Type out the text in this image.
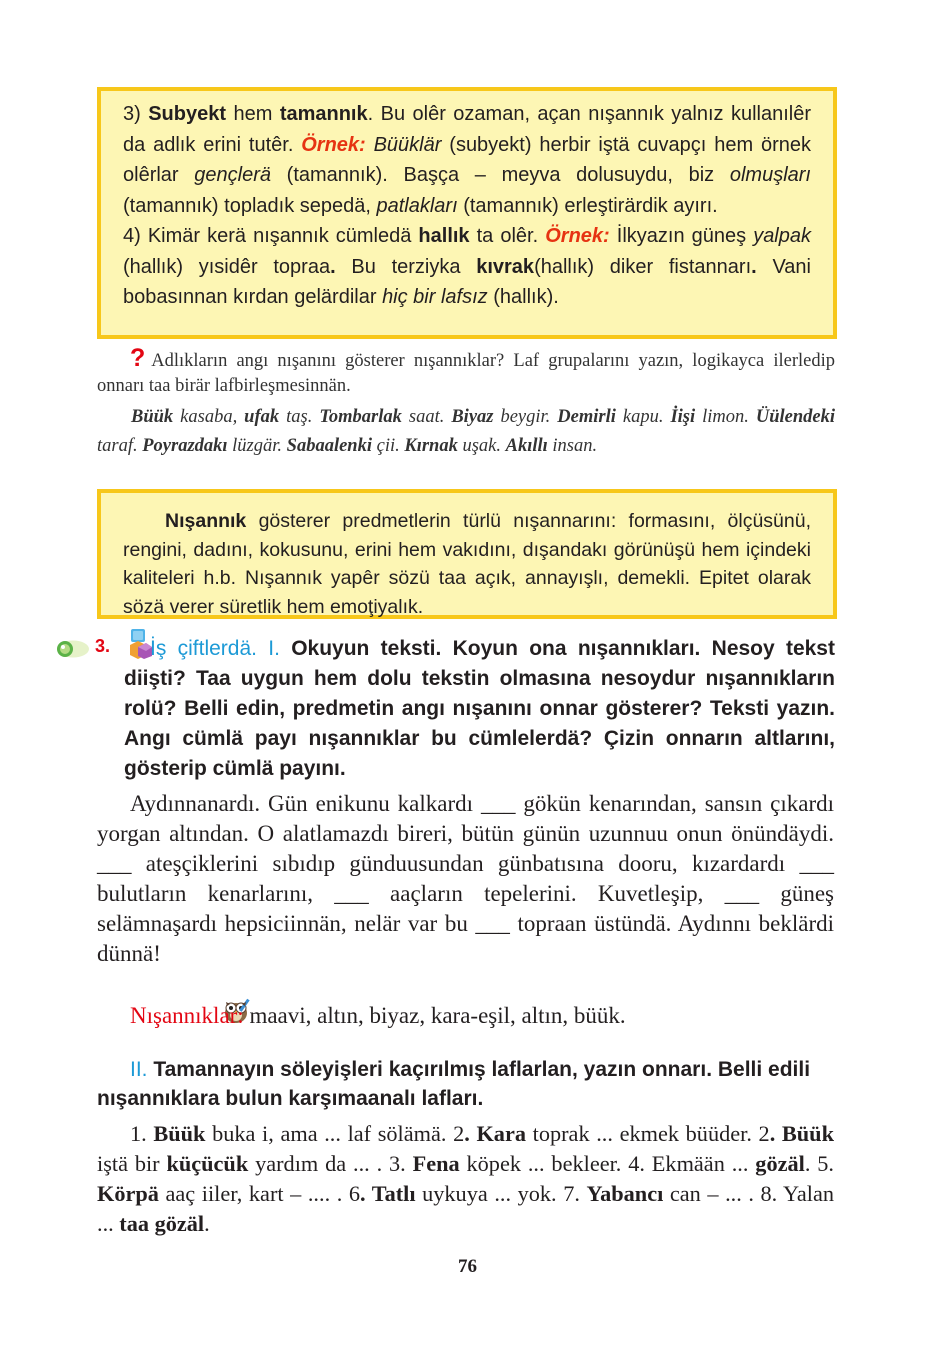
3) Subyekt hem tamannık. Bu olêr ozaman, açan nışannık yalnız kullanılêr da adlık erini tutêr. Örnek: Büüklär (subyekt) herbir iştä cuvapçı hem örnek olêrlar gençlerä (tamannık). Başça – meyva dolusuydu, biz olmuşları (tamannık) topladık sepedä, patlakları (tamannık) erleştirärdik ayırı.

4) Kimär kerä nışannık cümledä hallık ta olêr. Örnek: İlkyazın güneş yalpak (hallık) yısidêr topraa. Bu terziyka kıvrak(hallık) diker fistannarı. Vani bobasınnan kırdan gelärdilar hiç bir lafsız (hallık).

? Adlıkların angı nışanını gösterer nışannıklar? Laf grupalarını yazın, logikayca ilerledip onnarı taa birär lafbirleşmesinnän.
Büük kasaba, ufak taş. Tombarlak saat. Biyaz beygir. Demirli kapu. İişi limon. Üülendeki taraf. Poyrazdakı lüzgär. Sabaalenki çii. Kırnak uşak. Akıllı insan.
Nışannık gösterer predmetlerin türlü nışannarını: formasını, ölçüsünü, rengini, dadını, kokusunu, erini hem vakıdını, dışandakı görünüşü hem içindeki kaliteleri h.b. Nışannık yapêr sözü taa açık, annayışlı, demekli. Epitet olarak sözä verer süretlik hem emoţiyalık.
3.	İş çiftlerdä. I. Okuyun teksti. Koyun ona nışannıkları. Nesoy tekst diişti? Taa uygun hem dolu tekstin olmasına nesoydur nışannıkların rolü? Belli edin, predmetin angı nışanını onnar gösterer? Teksti yazın. Angı cümlä payı nışannıklar bu cümlelerdä? Çizin onnarın altlarını, gösterip cümlä payını.
Aydınnanardı. Gün enikunu kalkardı ___ gökün kenarından, sansın çıkardı yorgan altından. O alatlamazdı bireri, bütün günün uzunnuu onun önündäydi. ___ ateşçiklerini sıbıdıp günduusundan günbatısına dooru, kızardardı ___ bulutların kenarlarını, ___ aaçların tepelerini. Kuvetleşip, ___ güneş selämnaşardı hepsiciinnän, nelär var bu ___ topraan üstündä. Aydınnı beklärdi dünnä!
Nışannıklar: maavi, altın, biyaz, kara-eşil, altın, büük.
II. Tamannayın söleyişleri kaçırılmış laflarlan, yazın onnarı. Belli edili nışannıklara bulun karşımaanalı lafları.
1. Büük buka i, ama ... laf sölämä. 2. Kara toprak ... ekmek büüder. 2. Büük iştä bir küçücük yardım da ... . 3. Fena köpek ... bekleer. 4. Ekmään ... gözäl. 5. Körpä aaç iiler, kart – .... . 6. Tatlı uykuya ... yok. 7. Yabancı can – ... . 8. Yalan ... taa gözäl.
76
